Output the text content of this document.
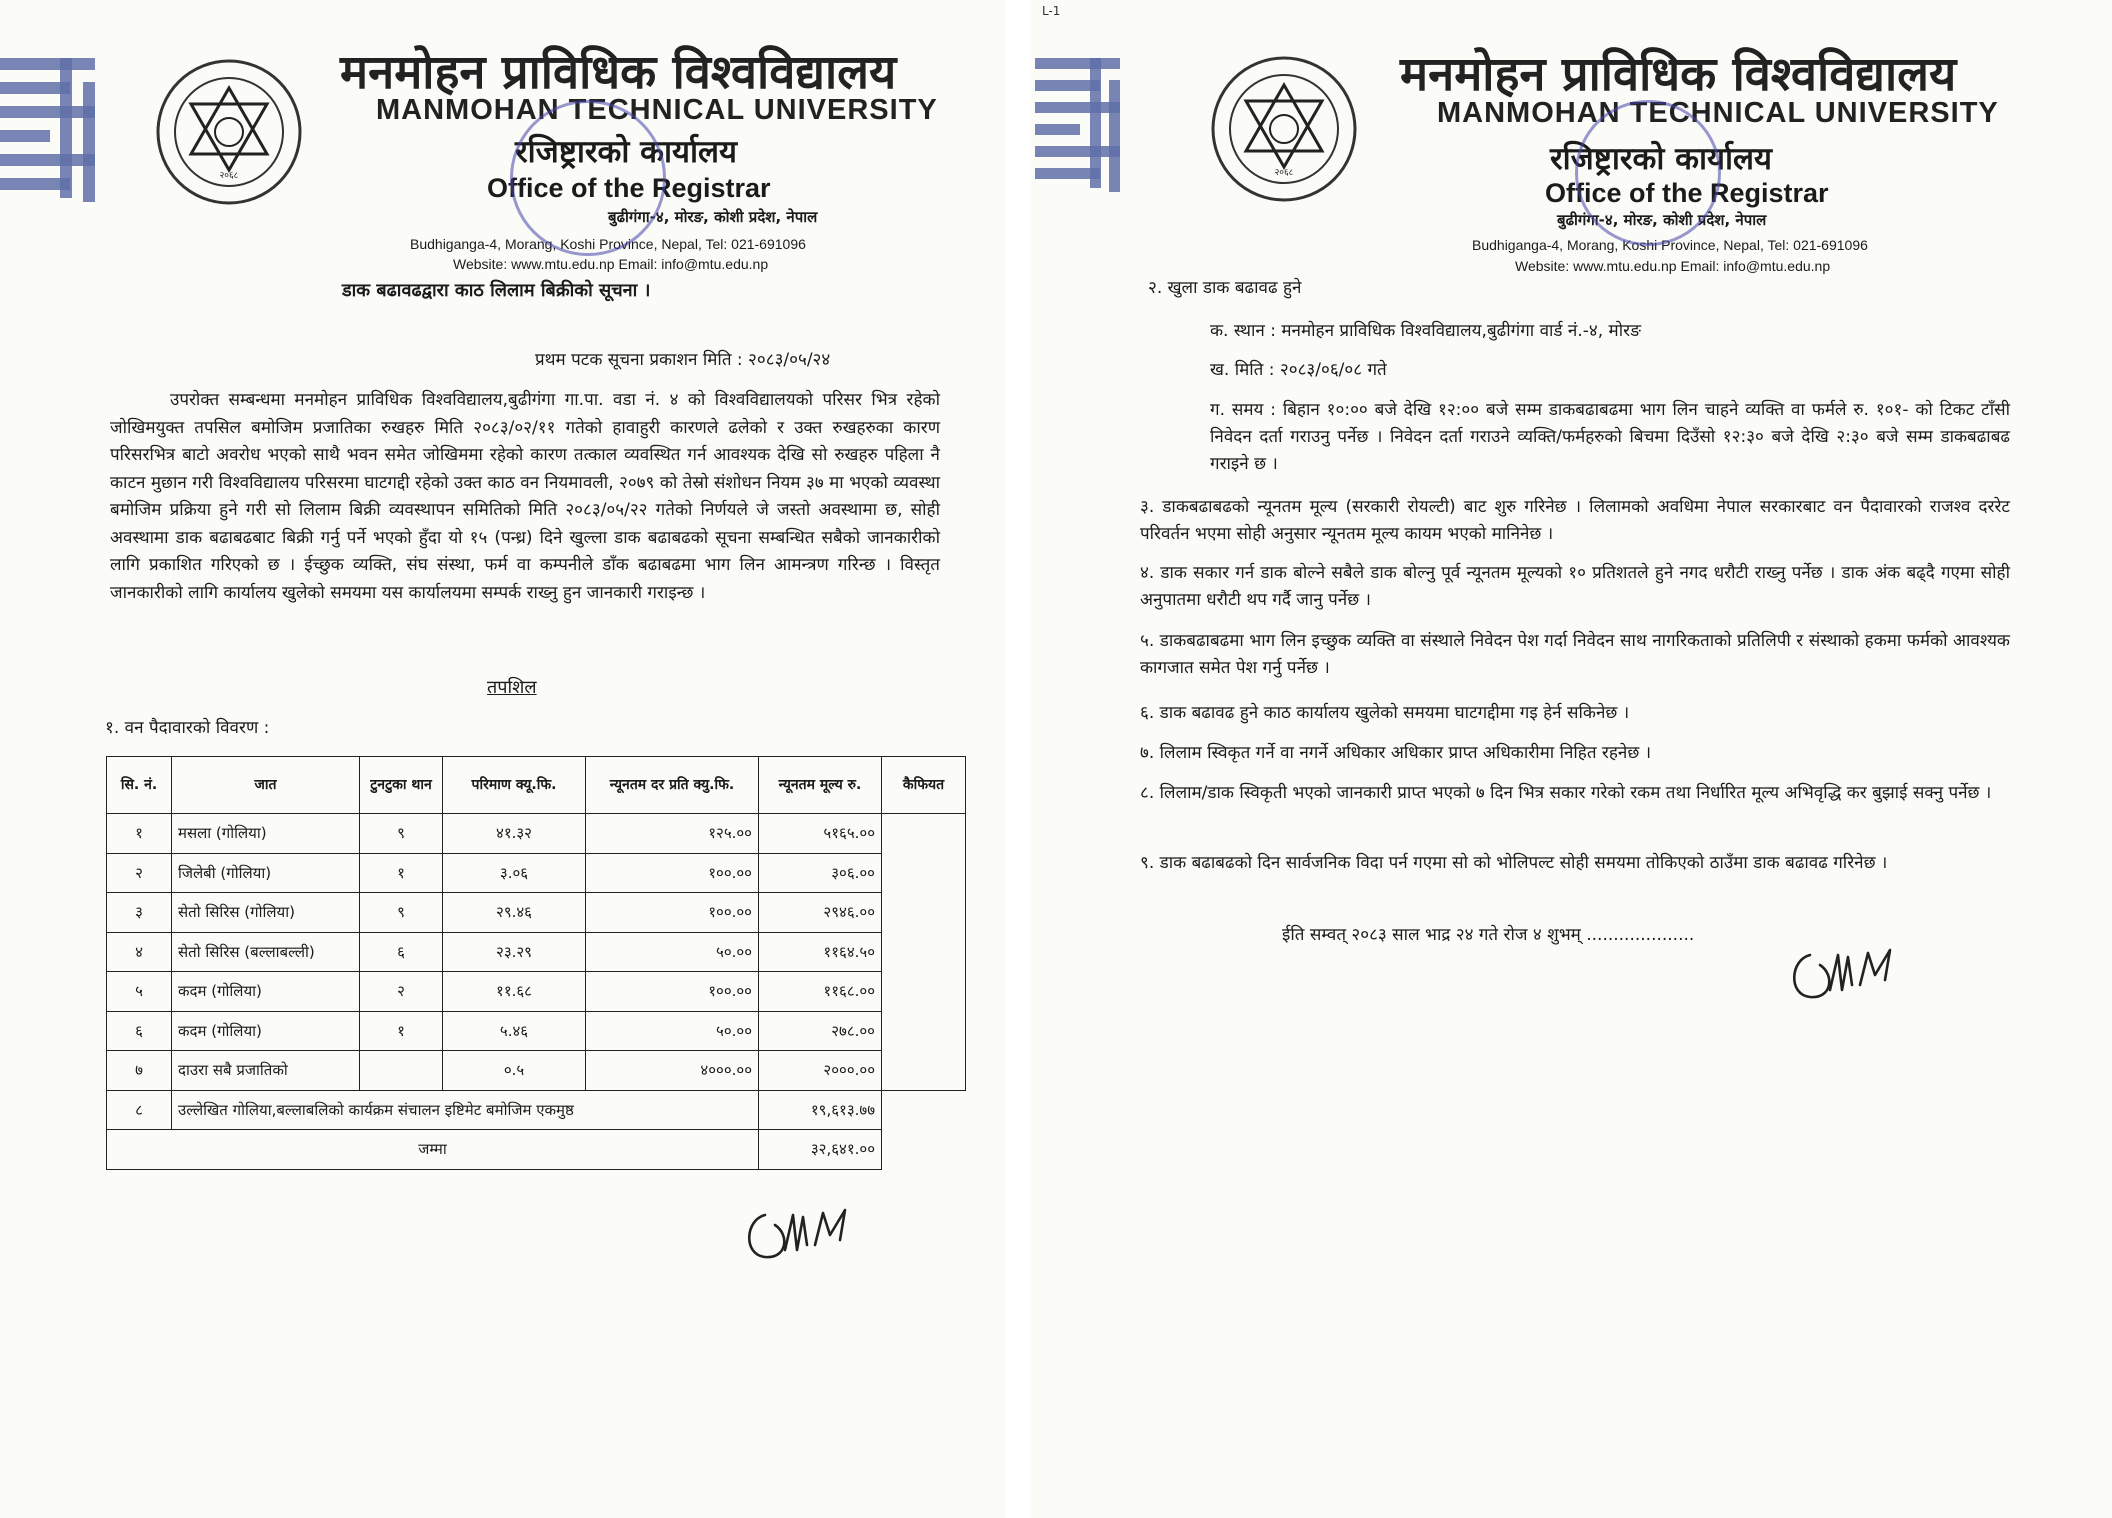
२०६८
मनमोहन प्राविधिक विश्वविद्यालय
MANMOHAN TECHNICAL UNIVERSITY
रजिष्ट्रारको कार्यालय
Office of the Registrar
बुढीगंगा-४, मोरङ, कोशी प्रदेश, नेपाल
Budhiganga-4, Morang, Koshi Province, Nepal, Tel: 021-691096
Website: www.mtu.edu.np Email: info@mtu.edu.np
डाक बढावढद्वारा काठ लिलाम बिक्रीको सूचना ।
प्रथम पटक सूचना प्रकाशन मिति : २०८३/०५/२४
उपरोक्त सम्बन्धमा मनमोहन प्राविधिक विश्वविद्यालय,बुढीगंगा गा.पा. वडा नं. ४ को विश्वविद्यालयको परिसर भित्र रहेको जोखिमयुक्त तपसिल बमोजिम प्रजातिका रुखहरु मिति २०८३/०२/११ गतेको हावाहुरी कारणले ढलेको र उक्त रुखहरुका कारण परिसरभित्र बाटो अवरोध भएको साथै भवन समेत जोखिममा रहेको कारण तत्काल व्यवस्थित गर्न आवश्यक देखि सो रुखहरु पहिला नै काटन मुछान गरी विश्वविद्यालय परिसरमा घाटगद्दी रहेको उक्त काठ वन नियमावली, २०७९ को तेस्रो संशोधन नियम ३७ मा भएको व्यवस्था बमोजिम प्रक्रिया हुने गरी सो लिलाम बिक्री व्यवस्थापन समितिको मिति २०८३/०५/२२ गतेको निर्णयले जे जस्तो अवस्थामा छ, सोही अवस्थामा डाक बढाबढबाट बिक्री गर्नु पर्ने भएको हुँदा यो १५ (पन्ध्र) दिने खुल्ला डाक बढाबढको सूचना सम्बन्धित सबैको जानकारीको लागि प्रकाशित गरिएको छ । ईच्छुक व्यक्ति, संघ संस्था, फर्म वा कम्पनीले डाँक बढाबढमा भाग लिन आमन्त्रण गरिन्छ । विस्तृत जानकारीको लागि कार्यालय खुलेको समयमा यस कार्यालयमा सम्पर्क राख्नु हुन जानकारी गराइन्छ ।
तपशिल
१. वन पैदावारको विवरण :
सि. नं.	जात	टुनटुका थान	परिमाण क्यू.फि.	न्यूनतम दर प्रति क्यु.फि.	न्यूनतम मूल्य रु.	कैफियत
१	मसला (गोलिया)	९	४१.३२	१२५.००	५१६५.००	
२	जिलेबी (गोलिया)	१	३.०६	१००.००	३०६.००	
३	सेतो सिरिस (गोलिया)	९	२९.४६	१००.००	२९४६.००	
४	सेतो सिरिस (बल्लाबल्ली)	६	२३.२९	५०.००	११६४.५०	
५	कदम (गोलिया)	२	११.६८	१००.००	११६८.००	
६	कदम (गोलिया)	१	५.४६	५०.००	२७८.००	
७	दाउरा सबै प्रजातिको		०.५	४०००.००	२०००.००	
८	उल्लेखित गोलिया,बल्लाबलिको कार्यक्रम संचालन इष्टिमेट बमोजिम एकमुष्ठ				१९,६१३.७७	
जम्मा					३२,६४१.००	
L-1
२०६८
मनमोहन प्राविधिक विश्वविद्यालय
MANMOHAN TECHNICAL UNIVERSITY
रजिष्ट्रारको कार्यालय
Office of the Registrar
बुढीगंगा-४, मोरङ, कोशी प्रदेश, नेपाल
Budhiganga-4, Morang, Koshi Province, Nepal, Tel: 021-691096
Website: www.mtu.edu.np Email: info@mtu.edu.np
२. खुला डाक बढावढ हुने
क. स्थान : मनमोहन प्राविधिक विश्वविद्यालय,बुढीगंगा वार्ड नं.-४, मोरङ
ख. मिति : २०८३/०६/०८ गते
ग. समय : बिहान १०:०० बजे देखि १२:०० बजे सम्म डाकबढाबढमा भाग लिन चाहने व्यक्ति वा फर्मले रु. १०१- को टिकट टाँसी निवेदन दर्ता गराउनु पर्नेछ । निवेदन दर्ता गराउने व्यक्ति/फर्महरुको बिचमा दिउँसो १२:३० बजे देखि २:३० बजे सम्म डाकबढाबढ गराइने छ ।
३. डाकबढाबढको न्यूनतम मूल्य (सरकारी रोयल्टी) बाट शुरु गरिनेछ । लिलामको अवधिमा नेपाल सरकारबाट वन पैदावारको राजश्व दररेट परिवर्तन भएमा सोही अनुसार न्यूनतम मूल्य कायम भएको मानिनेछ ।
४. डाक सकार गर्न डाक बोल्ने सबैले डाक बोल्नु पूर्व न्यूनतम मूल्यको १० प्रतिशतले हुने नगद धरौटी राख्नु पर्नेछ । डाक अंक बढ्दै गएमा सोही अनुपातमा धरौटी थप गर्दै जानु पर्नेछ ।
५. डाकबढाबढमा भाग लिन इच्छुक व्यक्ति वा संस्थाले निवेदन पेश गर्दा निवेदन साथ नागरिकताको प्रतिलिपी र संस्थाको हकमा फर्मको आवश्यक कागजात समेत पेश गर्नु पर्नेछ ।
६. डाक बढावढ हुने काठ कार्यालय खुलेको समयमा घाटगद्दीमा गइ हेर्न सकिनेछ ।
७. लिलाम स्विकृत गर्ने वा नगर्ने अधिकार अधिकार प्राप्त अधिकारीमा निहित रहनेछ ।
८. लिलाम/डाक स्विकृती भएको जानकारी प्राप्त भएको ७ दिन भित्र सकार गरेको रकम तथा निर्धारित मूल्य अभिवृद्धि कर बुझाई सक्नु पर्नेछ ।
९. डाक बढाबढको दिन सार्वजनिक विदा पर्न गएमा सो को भोलिपल्ट सोही समयमा तोकिएको ठाउँमा डाक बढावढ गरिनेछ ।
ईति सम्वत् २०८३ साल भाद्र २४ गते रोज ४ शुभम् ....................
